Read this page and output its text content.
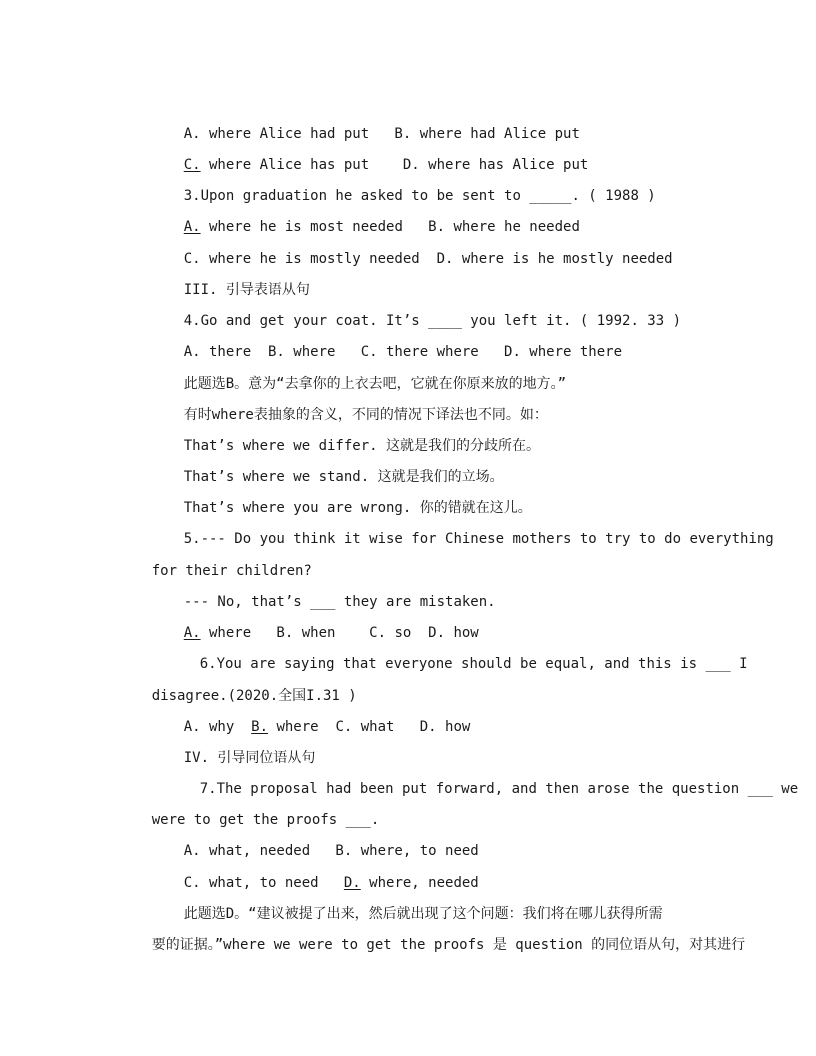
A. where Alice had put   B. where had Alice put

C. where Alice has put    D. where has Alice put

3.Upon graduation he asked to be sent to _____. ( 1988 )

A. where he is most needed   B. where he needed

C. where he is mostly needed  D. where is he mostly needed

III. 引导表语从句

4.Go and get your coat. It’s ____ you left it. ( 1992. 33 )

A. there  B. where   C. there where   D. where there

此题选B。意为“去拿你的上衣去吧，它就在你原来放的地方。”

有时where表抽象的含义，不同的情况下译法也不同。如：

That’s where we differ. 这就是我们的分歧所在。

That’s where we stand. 这就是我们的立场。

That’s where you are wrong. 你的错就在这儿。

5.--- Do you think it wise for Chinese mothers to try to do everything

for their children?

--- No, that’s ___ they are mistaken.

A. where   B. when    C. so  D. how

6.You are saying that everyone should be equal, and this is ___ I

disagree.(2020.全国I.31 )

A. why  B. where  C. what   D. how

IV. 引导同位语从句

7.The proposal had been put forward, and then arose the question ___ we

were to get the proofs ___.

A. what, needed   B. where, to need

C. what, to need   D. where, needed

此题选D。“建议被提了出来，然后就出现了这个问题：我们将在哪儿获得所需

要的证据。”where we were to get the proofs 是 question 的同位语从句，对其进行
